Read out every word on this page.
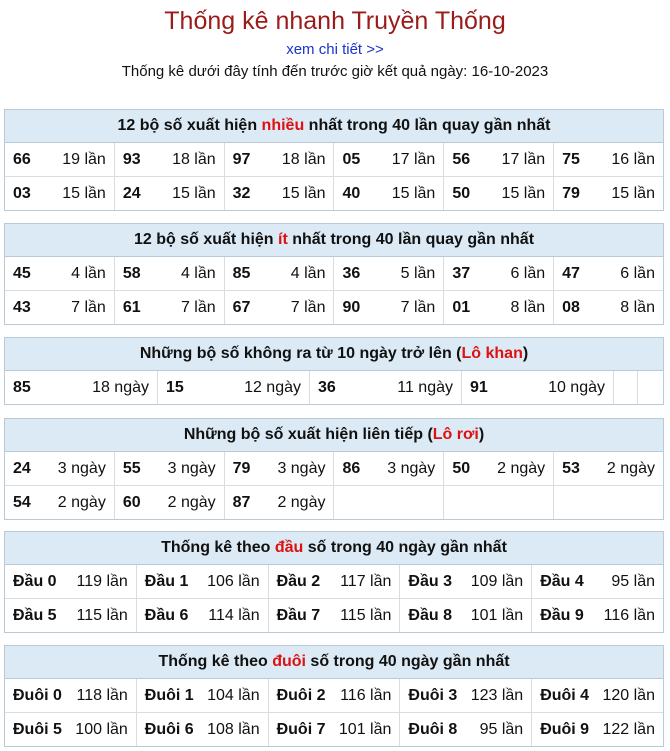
Thống kê nhanh Truyền Thống
xem chi tiết >>
Thống kê dưới đây tính đến trước giờ kết quả ngày: 16-10-2023
12 bộ số xuất hiện nhiều nhất trong 40 lần quay gần nhất
66 19 lần 93 18 lần 97 18 lần 05 17 lần 56 17 lần 75 16 lần
03 15 lần 24 15 lần 32 15 lần 40 15 lần 50 15 lần 79 15 lần
12 bộ số xuất hiện ít nhất trong 40 lần quay gần nhất
45	4 lần 58	4 lần 85	4 lần 36	5 lần 37	6 lần 47	6 lần
43	7 lần 61	7 lần 67	7 lần 90	7 lần 01	8 lần 08	8 lần
Những bộ số không ra từ 10 ngày trở lên (Lô khan)
85	18 ngày 15	12 ngày 36	11 ngày 91	10 ngày
Những bộ số xuất hiện liên tiếp (Lô rơi)
24 3 ngày 55 3 ngày 79 3 ngày 86 3 ngày 50 2 ngày 53 2 ngày
54 2 ngày 60 2 ngày 87 2 ngày
Thống kê theo đầu số trong 40 ngày gần nhất
Đầu 0 119 lần Đầu 1 106 lần Đầu 2 117 lần Đầu 3 109 lần Đầu 4 95 lần
Đầu 5 115 lần Đầu 6 114 lần Đầu 7 115 lần Đầu 8 101 lần Đầu 9 116 lần
Thống kê theo đuôi số trong 40 ngày gần nhất
Đuôi 0 118 lần Đuôi 1 104 lần Đuôi 2 116 lần Đuôi 3 123 lần Đuôi 4 120 lần
Đuôi 5 100 lần Đuôi 6 108 lần Đuôi 7 101 lần Đuôi 8 95 lần Đuôi 9 122 lần
